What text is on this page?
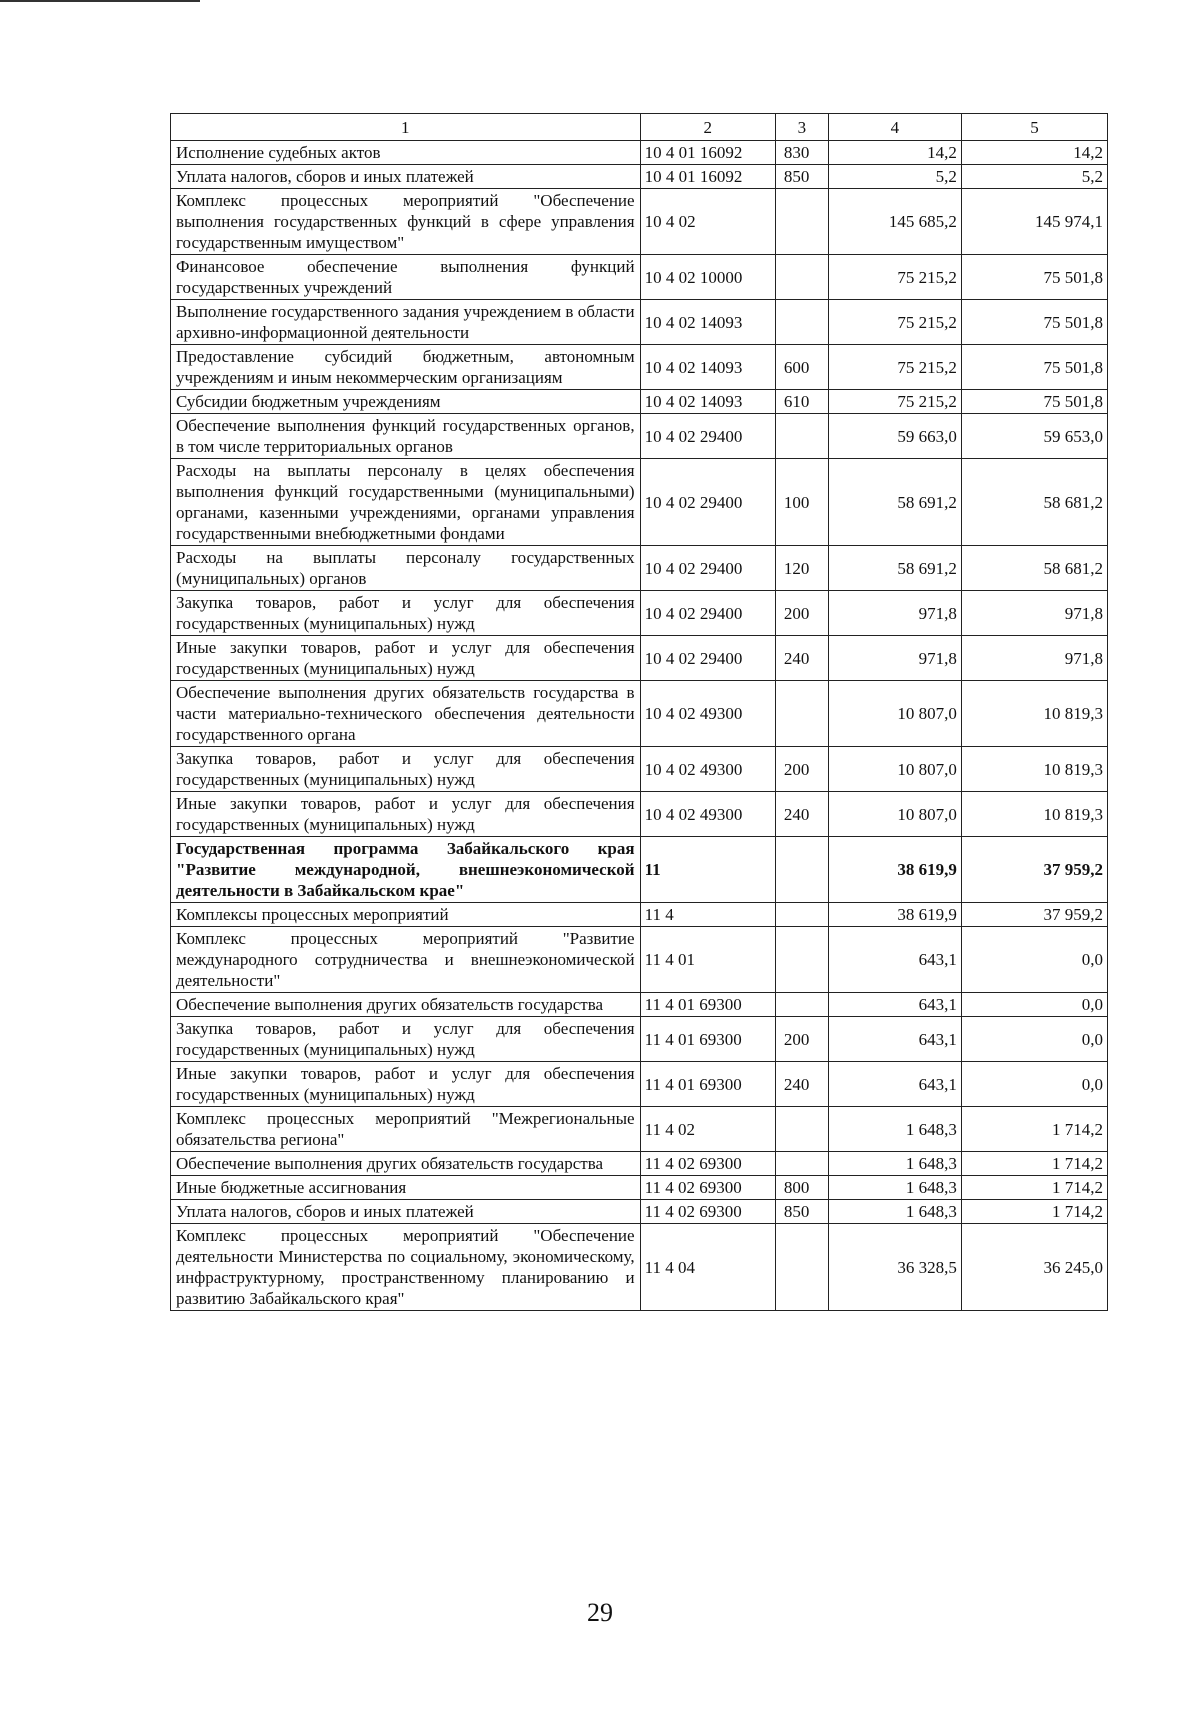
1	2	3	4	5
Исполнение судебных актов	10 4 01 16092	830	14,2	14,2
Уплата налогов, сборов и иных платежей	10 4 01 16092	850	5,2	5,2
Комплекс процессных мероприятий "Обеспечение выполнения государственных функций в сфере управления государственным имуществом"	10 4 02		145 685,2	145 974,1
Финансовое обеспечение выполнения функций государственных учреждений	10 4 02 10000		75 215,2	75 501,8
Выполнение государственного задания учреждением в области архивно-информационной деятельности	10 4 02 14093		75 215,2	75 501,8
Предоставление субсидий бюджетным, автономным учреждениям и иным некоммерческим организациям	10 4 02 14093	600	75 215,2	75 501,8
Субсидии бюджетным учреждениям	10 4 02 14093	610	75 215,2	75 501,8
Обеспечение выполнения функций государственных органов, в том числе территориальных органов	10 4 02 29400		59 663,0	59 653,0
Расходы на выплаты персоналу в целях обеспечения выполнения функций государственными (муниципальными) органами, казенными учреждениями, органами управления государственными внебюджетными фондами	10 4 02 29400	100	58 691,2	58 681,2
Расходы на выплаты персоналу государственных (муниципальных) органов	10 4 02 29400	120	58 691,2	58 681,2
Закупка товаров, работ и услуг для обеспечения государственных (муниципальных) нужд	10 4 02 29400	200	971,8	971,8
Иные закупки товаров, работ и услуг для обеспечения государственных (муниципальных) нужд	10 4 02 29400	240	971,8	971,8
Обеспечение выполнения других обязательств государства в части материально-технического обеспечения деятельности государственного органа	10 4 02 49300		10 807,0	10 819,3
Закупка товаров, работ и услуг для обеспечения государственных (муниципальных) нужд	10 4 02 49300	200	10 807,0	10 819,3
Иные закупки товаров, работ и услуг для обеспечения государственных (муниципальных) нужд	10 4 02 49300	240	10 807,0	10 819,3
Государственная программа Забайкальского края "Развитие международной, внешнеэкономической деятельности в Забайкальском крае"	11		38 619,9	37 959,2
Комплексы процессных мероприятий	11 4		38 619,9	37 959,2
Комплекс процессных мероприятий "Развитие международного сотрудничества и внешнеэкономической деятельности"	11 4 01		643,1	0,0
Обеспечение выполнения других обязательств государства	11 4 01 69300		643,1	0,0
Закупка товаров, работ и услуг для обеспечения государственных (муниципальных) нужд	11 4 01 69300	200	643,1	0,0
Иные закупки товаров, работ и услуг для обеспечения государственных (муниципальных) нужд	11 4 01 69300	240	643,1	0,0
Комплекс процессных мероприятий "Межрегиональные обязательства региона"	11 4 02		1 648,3	1 714,2
Обеспечение выполнения других обязательств государства	11 4 02 69300		1 648,3	1 714,2
Иные бюджетные ассигнования	11 4 02 69300	800	1 648,3	1 714,2
Уплата налогов, сборов и иных платежей	11 4 02 69300	850	1 648,3	1 714,2
Комплекс процессных мероприятий "Обеспечение деятельности Министерства по социальному, экономическому, инфраструктурному, пространственному планированию и развитию Забайкальского края"	11 4 04		36 328,5	36 245,0
29
